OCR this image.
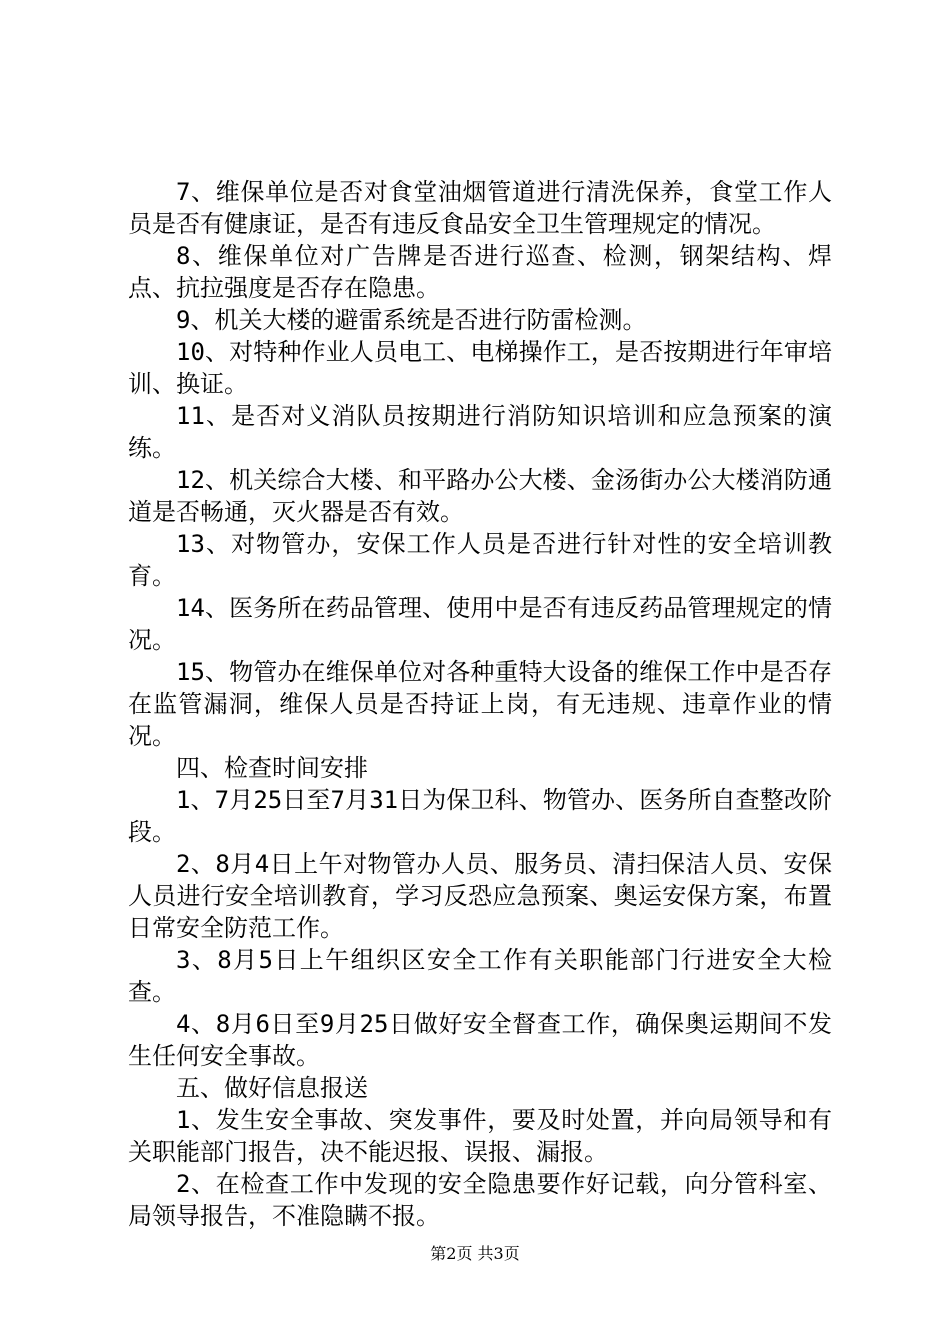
7、维保单位是否对食堂油烟管道进行清洗保养，食堂工作人员是否有健康证，是否有违反食品安全卫生管理规定的情况。

8、维保单位对广告牌是否进行巡查、检测，钢架结构、焊点、抗拉强度是否存在隐患。

9、机关大楼的避雷系统是否进行防雷检测。

10、对特种作业人员电工、电梯操作工，是否按期进行年审培训、换证。

11、是否对义消队员按期进行消防知识培训和应急预案的演练。

12、机关综合大楼、和平路办公大楼、金汤街办公大楼消防通道是否畅通，灭火器是否有效。

13、对物管办，安保工作人员是否进行针对性的安全培训教育。

14、医务所在药品管理、使用中是否有违反药品管理规定的情况。

15、物管办在维保单位对各种重特大设备的维保工作中是否存在监管漏洞，维保人员是否持证上岗，有无违规、违章作业的情况。

四、检查时间安排

1、7月25日至7月31日为保卫科、物管办、医务所自查整改阶段。

2、8月4日上午对物管办人员、服务员、清扫保洁人员、安保人员进行安全培训教育，学习反恐应急预案、奥运安保方案，布置日常安全防范工作。

3、8月5日上午组织区安全工作有关职能部门行进安全大检查。

4、8月6日至9月25日做好安全督查工作，确保奥运期间不发生任何安全事故。

五、做好信息报送

1、发生安全事故、突发事件，要及时处置，并向局领导和有关职能部门报告，决不能迟报、误报、漏报。

2、在检查工作中发现的安全隐患要作好记载，向分管科室、局领导报告，不准隐瞒不报。

第2页 共3页
